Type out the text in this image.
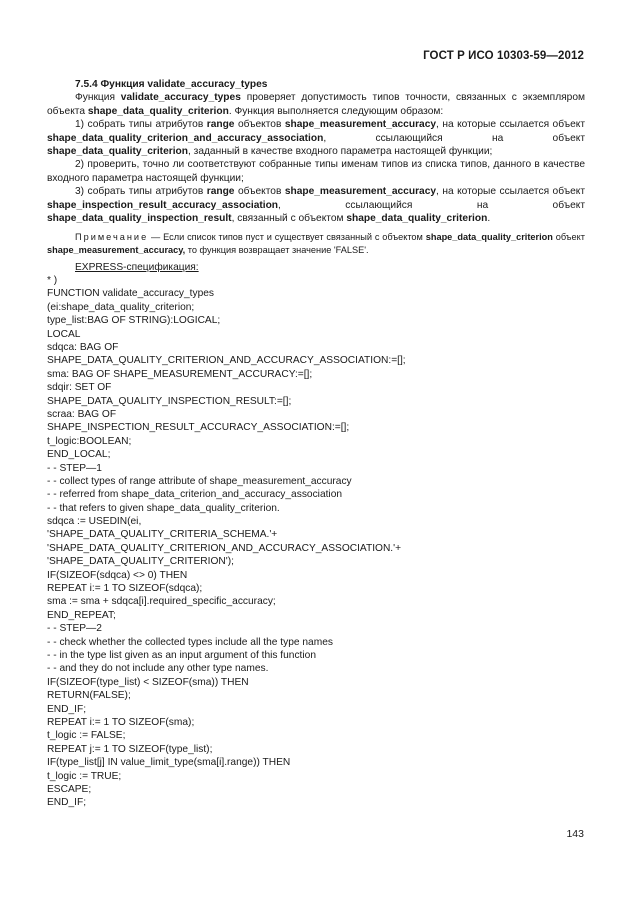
ГОСТ Р ИСО 10303-59—2012
7.5.4 Функция validate_accuracy_types
Функция validate_accuracy_types проверяет допустимость типов точности, связанных с экземпляром объекта shape_data_quality_criterion. Функция выполняется следующим образом:
1) собрать типы атрибутов range объектов shape_measurement_accuracy, на которые ссылается объект shape_data_quality_criterion_and_accuracy_association, ссылающийся на объект shape_data_quality_criterion, заданный в качестве входного параметра настоящей функции;
2) проверить, точно ли соответствуют собранные типы именам типов из списка типов, данного в качестве входного параметра настоящей функции;
3) собрать типы атрибутов range объектов shape_measurement_accuracy, на которые ссылается объект shape_inspection_result_accuracy_association, ссылающийся на объект shape_data_quality_inspection_result, связанный с объектом shape_data_quality_criterion.
Примечание — Если список типов пуст и существует связанный с объектом shape_data_quality_criterion объект shape_measurement_accuracy, то функция возвращает значение 'FALSE'.
EXPRESS-спецификация:
* )
FUNCTION validate_accuracy_types
(ei:shape_data_quality_criterion;
type_list:BAG OF STRING):LOGICAL;
LOCAL
sdqca: BAG OF
SHAPE_DATA_QUALITY_CRITERION_AND_ACCURACY_ASSOCIATION:=[];
sma: BAG OF SHAPE_MEASUREMENT_ACCURACY:=[];
sdqir: SET OF
SHAPE_DATA_QUALITY_INSPECTION_RESULT:=[];
scraa: BAG OF
SHAPE_INSPECTION_RESULT_ACCURACY_ASSOCIATION:=[];
t_logic:BOOLEAN;
END_LOCAL;
- - STEP—1
- - collect types of range attribute of shape_measurement_accuracy
- - referred from shape_data_criterion_and_accuracy_association
- - that refers to given shape_data_quality_criterion.
sdqca := USEDIN(ei,
'SHAPE_DATA_QUALITY_CRITERIA_SCHEMA.'+
'SHAPE_DATA_QUALITY_CRITERION_AND_ACCURACY_ASSOCIATION.'+
'SHAPE_DATA_QUALITY_CRITERION');
IF(SIZEOF(sdqca) <> 0) THEN
REPEAT i:= 1 TO SIZEOF(sdqca);
sma := sma + sdqca[i].required_specific_accuracy;
END_REPEAT;
- - STEP—2
- - check whether the collected types include all the type names
- - in the type list given as an input argument of this function
- - and they do not include any other type names.
IF(SIZEOF(type_list) < SIZEOF(sma)) THEN
RETURN(FALSE);
END_IF;
REPEAT i:= 1 TO SIZEOF(sma);
t_logic := FALSE;
REPEAT j:= 1 TO SIZEOF(type_list);
IF(type_list[j] IN value_limit_type(sma[i].range)) THEN
t_logic := TRUE;
ESCAPE;
END_IF;
143
